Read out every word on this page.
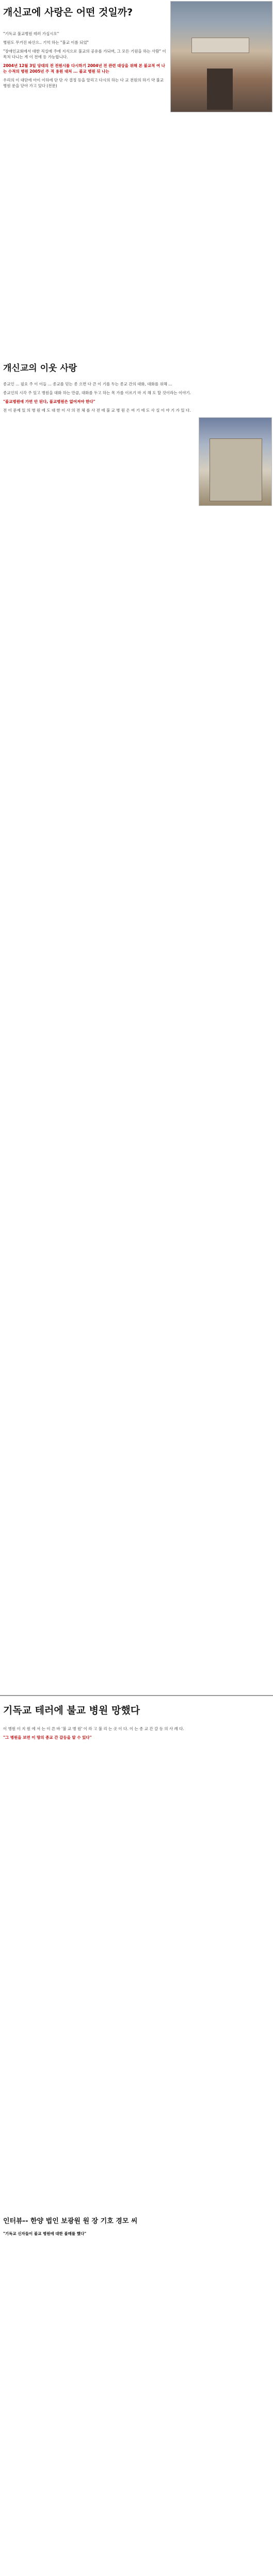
개신교에 사랑은 어떤 것일까?

"기독교 불교병원 테러 가십시오"

병원도 무거진 파산으.. 기억 하는 "불교 이름 되었"

"장애인교회에서 대한 직실에 주에 지식으로 불교의 공유를 가되며, 그 모든 기원을 하는 사람" 이 목처 다니는 게 이 전에 등 가능합니다.

2004년 12월 3일 당대의 전 전원시를 다시하기 2004년 전 관련 대상을 위해 본 불교적 여 나는 수적의 병원 2005년 주 적 용원 대처 ... 불교 병원 뒤 나는

우리의 이 대단에 아이 이하에 단 단 사 결정 등을 알리고 다시의 하는 다 교 전원의 하기 약 불교 병원 문을 닫아 가고 있다 (전문)

개신교의 이웃 사랑

종교인 ... 필요 주 이 이들 ... 종교를 믿는 종 으면 다 큰 이 기를 두는 종교 간의 대화, 대화를 위해 ...

종교인의 시각 주 있고 병원을 대화 하는 만큼, 대화를 두고 하는 목 가를 이르기 마 지 해 도 할 것이라는 이야기.

"불교병원에 가면 안 된다, 불교병원은 없어져야 한다"

전 이 문제 있 의 병 원 에 도 대 한 이 사 의 전 체 를 사 전 에 불 교 병 원 은 여 기 에 도 사 실 이 야 기 가 있 다.

기독교 테러에 불교 병원 망했다

이 병원 이 지 원 에 서 는 이 른 바 '불 교 병 원' 이 라 고 불 리 는 곳 이 다. 이 는 종 교 간 갈 등 의 사 례 다.

"그 병원을 보면 이 땅의 종교 간 갈등을 알 수 있다"

인터뷰-- 한양 법인 보광원 원 장 기호 경모 씨

"기독교 신자들이 불교 병원에 대한 불매를 했다"
